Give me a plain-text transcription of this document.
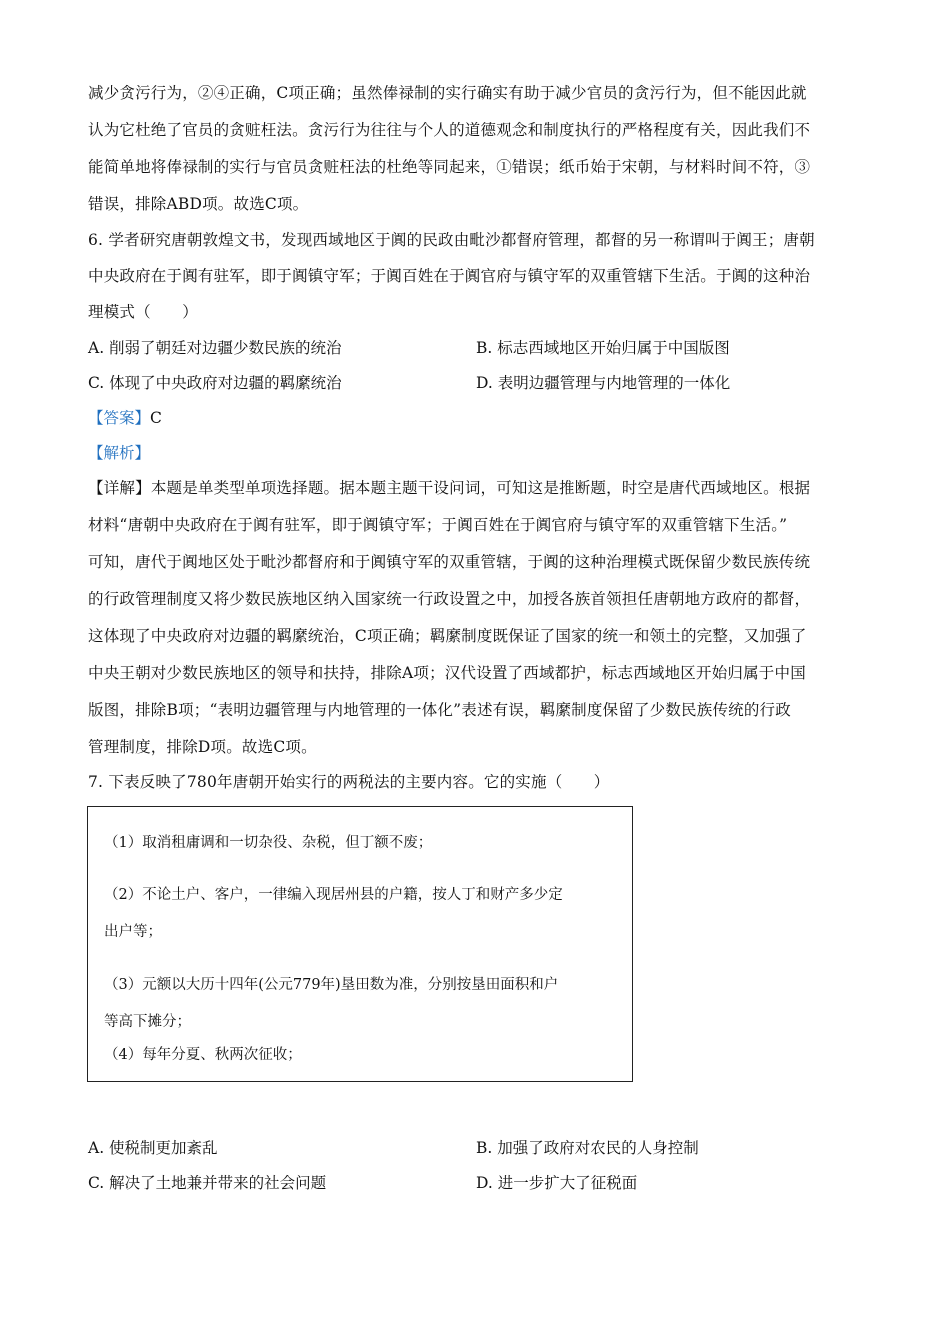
减少贪污行为，②④正确，C项正确；虽然俸禄制的实行确实有助于减少官员的贪污行为，但不能因此就
认为它杜绝了官员的贪赃枉法。贪污行为往往与个人的道德观念和制度执行的严格程度有关，因此我们不
能简单地将俸禄制的实行与官员贪赃枉法的杜绝等同起来，①错误；纸币始于宋朝，与材料时间不符，③
错误，排除ABD项。故选C项。
6. 学者研究唐朝敦煌文书，发现西域地区于阗的民政由毗沙都督府管理，都督的另一称谓叫于阗王；唐朝
中央政府在于阗有驻军，即于阗镇守军；于阗百姓在于阗官府与镇守军的双重管辖下生活。于阗的这种治
理模式（　　）
A. 削弱了朝廷对边疆少数民族的统治	B. 标志西域地区开始归属于中国版图
C. 体现了中央政府对边疆的羁縻统治	D. 表明边疆管理与内地管理的一体化
【答案】C
【解析】
【详解】本题是单类型单项选择题。据本题主题干设问词，可知这是推断题，时空是唐代西域地区。根据
材料“唐朝中央政府在于阗有驻军，即于阗镇守军；于阗百姓在于阗官府与镇守军的双重管辖下生活。”
可知，唐代于阗地区处于毗沙都督府和于阗镇守军的双重管辖，于阗的这种治理模式既保留少数民族传统
的行政管理制度又将少数民族地区纳入国家统一行政设置之中，加授各族首领担任唐朝地方政府的都督，
这体现了中央政府对边疆的羁縻统治，C项正确；羁縻制度既保证了国家的统一和领土的完整，又加强了
中央王朝对少数民族地区的领导和扶持，排除A项；汉代设置了西域都护，标志西域地区开始归属于中国
版图，排除B项；“表明边疆管理与内地管理的一体化”表述有误，羁縻制度保留了少数民族传统的行政
管理制度，排除D项。故选C项。
7. 下表反映了780年唐朝开始实行的两税法的主要内容。它的实施（　　）
（1）取消租庸调和一切杂役、杂税，但丁额不废；
（2）不论土户、客户，一律编入现居州县的户籍，按人丁和财产多少定
出户等；
（3）元额以大历十四年(公元779年)垦田数为准，分别按垦田面积和户
等高下摊分；
（4）每年分夏、秋两次征收；
A. 使税制更加紊乱	B. 加强了政府对农民的人身控制
C. 解决了土地兼并带来的社会问题	D. 进一步扩大了征税面
